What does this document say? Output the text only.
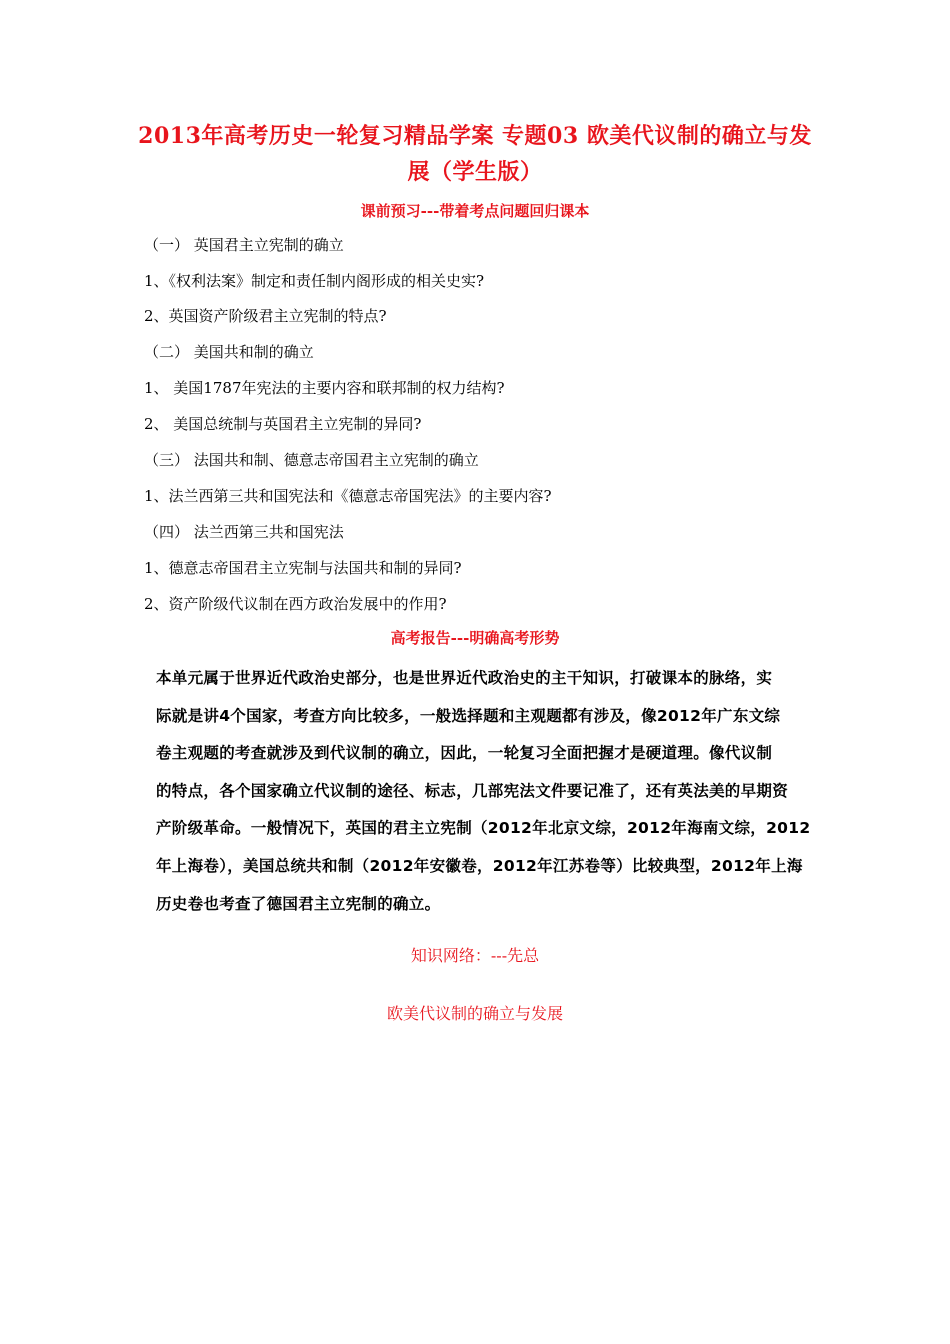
2013年高考历史一轮复习精品学案 专题03 欧美代议制的确立与发
展（学生版）
课前预习---带着考点问题回归课本
（一） 英国君主立宪制的确立
1、《权利法案》制定和责任制内阁形成的相关史实?
2、英国资产阶级君主立宪制的特点?
（二） 美国共和制的确立
1、 美国1787年宪法的主要内容和联邦制的权力结构?
2、 美国总统制与英国君主立宪制的异同?
（三） 法国共和制、德意志帝国君主立宪制的确立
1、法兰西第三共和国宪法和《德意志帝国宪法》的主要内容?
（四） 法兰西第三共和国宪法
1、德意志帝国君主立宪制与法国共和制的异同?
2、资产阶级代议制在西方政治发展中的作用?
高考报告---明确高考形势
本单元属于世界近代政治史部分，也是世界近代政治史的主干知识，打破课本的脉络，实
际就是讲4个国家，考查方向比较多，一般选择题和主观题都有涉及，像2012年广东文综
卷主观题的考查就涉及到代议制的确立，因此，一轮复习全面把握才是硬道理。像代议制
的特点，各个国家确立代议制的途径、标志，几部宪法文件要记准了，还有英法美的早期资
产阶级革命。一般情况下，英国的君主立宪制（2012年北京文综，2012年海南文综，2012
年上海卷），美国总统共和制（2012年安徽卷，2012年江苏卷等）比较典型，2012年上海
历史卷也考查了德国君主立宪制的确立。
知识网络：---先总
欧美代议制的确立与发展
